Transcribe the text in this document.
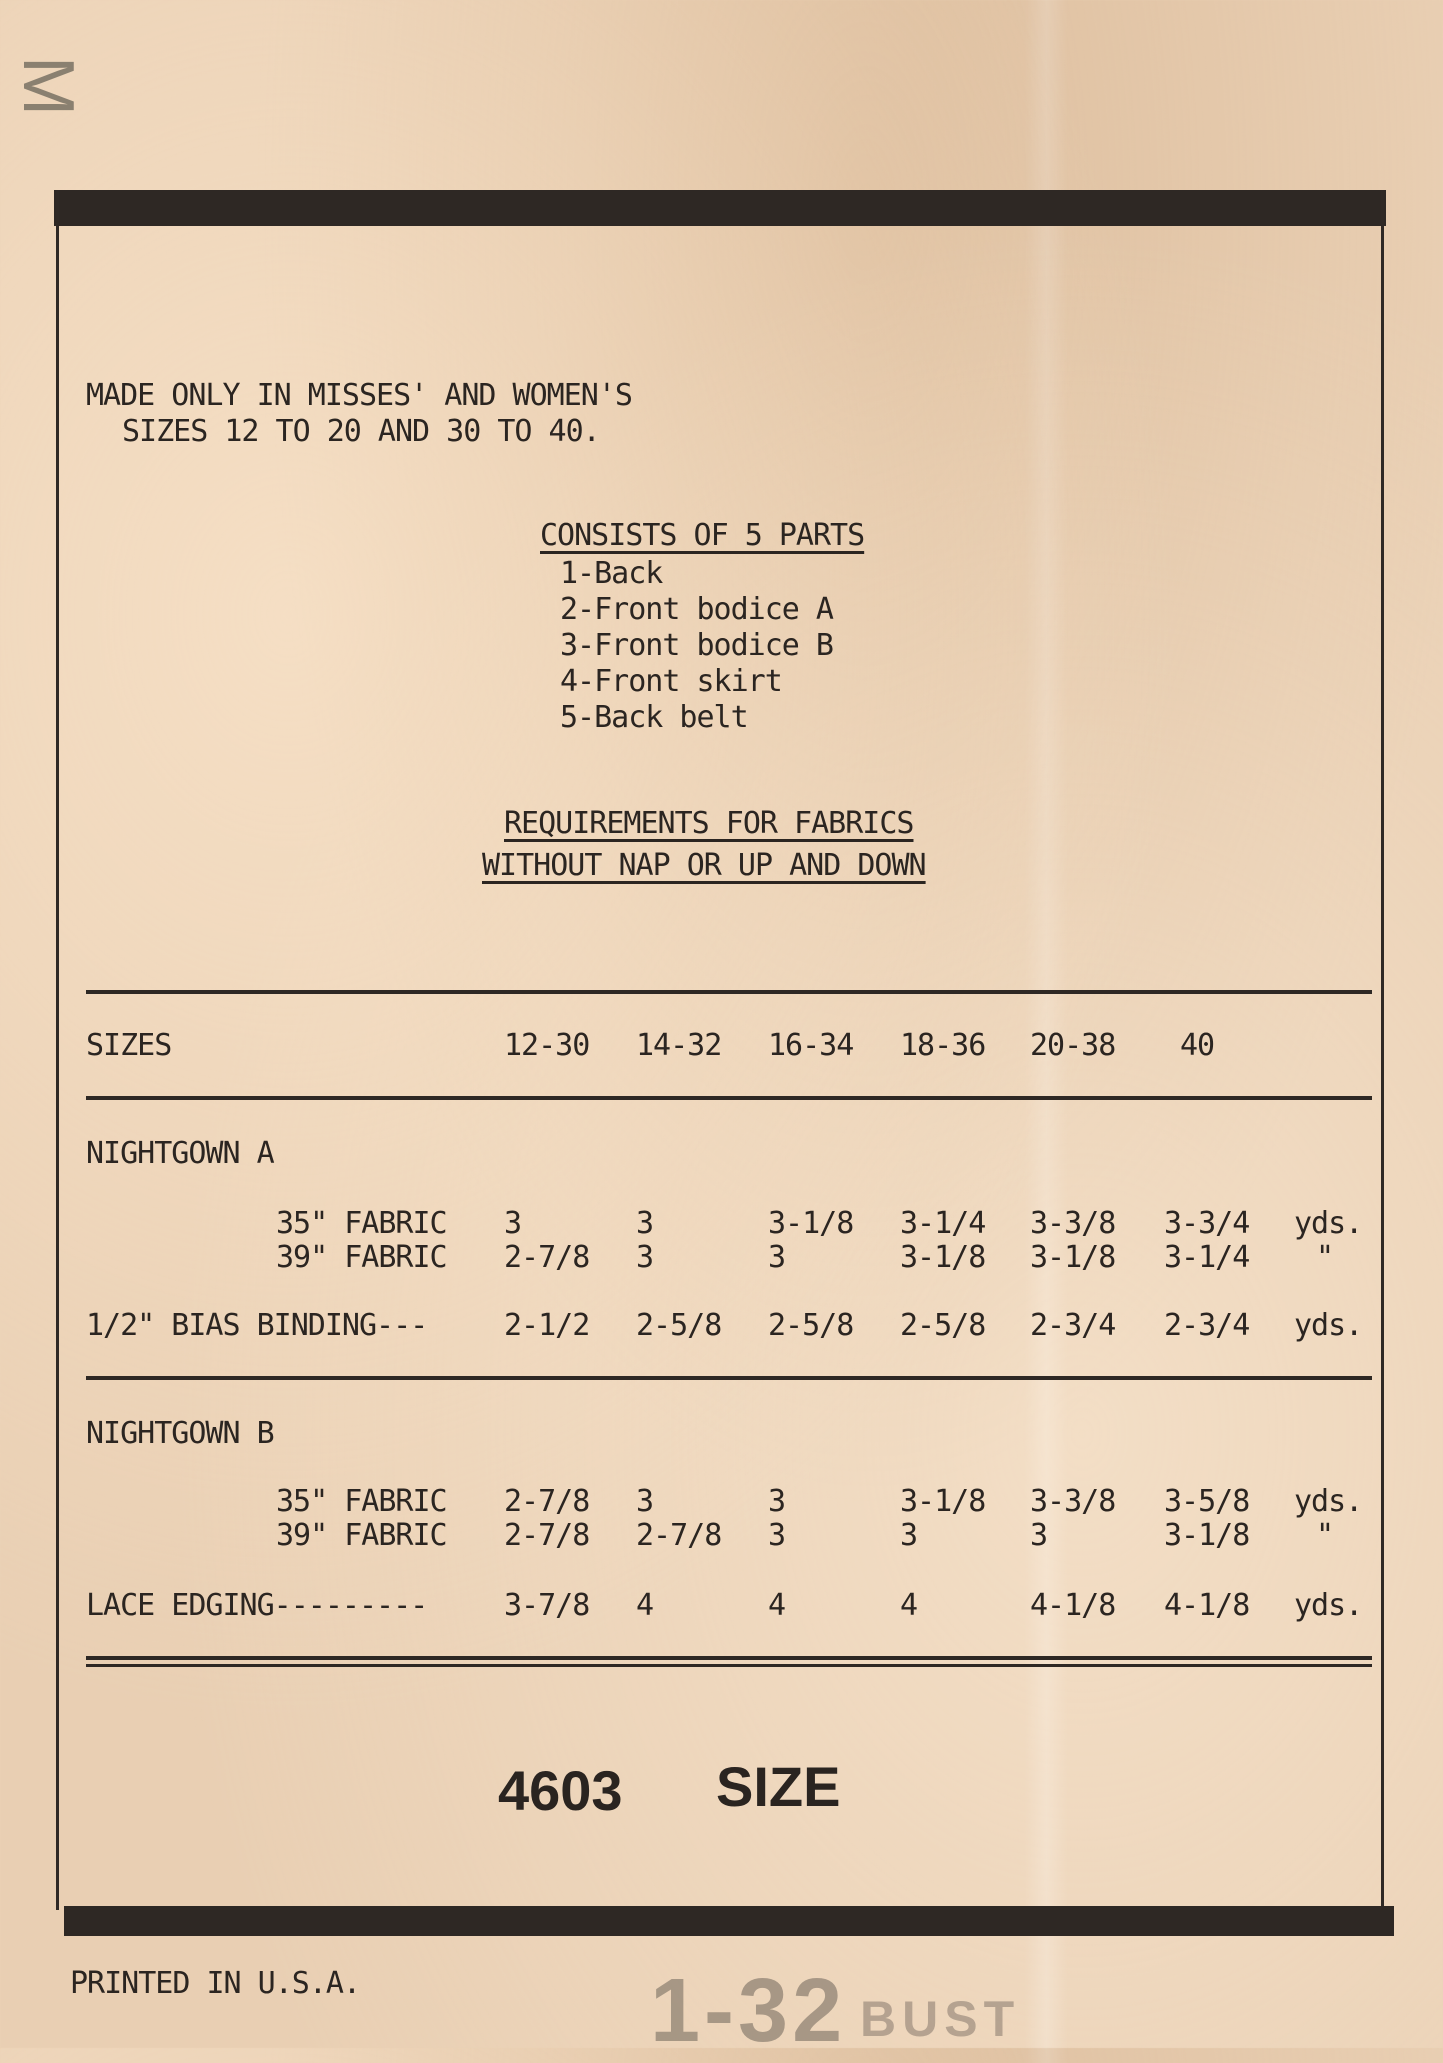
M
MADE ONLY IN MISSES' AND WOMEN'S
SIZES 12 TO 20 AND 30 TO 40.
CONSISTS OF 5 PARTS
1-Back
2-Front bodice A
3-Front bodice B
4-Front skirt
5-Back belt
REQUIREMENTS FOR FABRICS
WITHOUT NAP OR UP AND DOWN
SIZES	12-30 14-32 16-34 18-36 20-38 40
NIGHTGOWN A
35" FABRIC 3	3	3-1/8 3-1/4 3-3/8 3-3/4 yds.
39" FABRIC 2-7/8 3	3	3-1/8 3-1/8 3-1/4 "
1/2" BIAS BINDING---	2-1/2 2-5/8 2-5/8 2-5/8 2-3/4 2-3/4 yds.
NIGHTGOWN B
35" FABRIC 2-7/8 3	3	3-1/8 3-3/8 3-5/8 yds.
39" FABRIC 2-7/8 2-7/8 3	3	3	3-1/8 "
LACE EDGING---------	3-7/8 4	4	4	4-1/8 4-1/8 yds.
4603 SIZE
PRINTED IN U.S.A.	1-32 BUST
